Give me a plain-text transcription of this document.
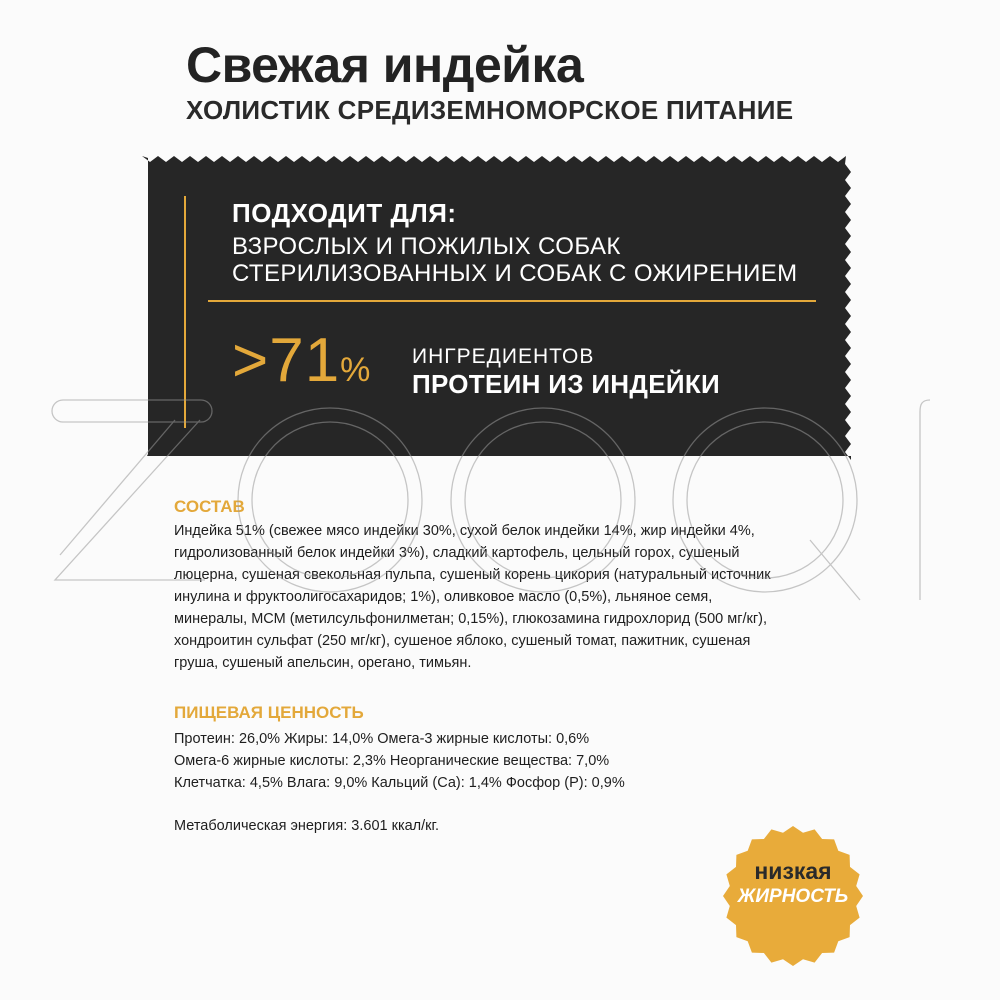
Свежая индейка
ХОЛИСТИК СРЕДИЗЕМНОМОРСКОЕ ПИТАНИЕ
ПОДХОДИТ ДЛЯ:
ВЗРОСЛЫХ И ПОЖИЛЫХ СОБАК
СТЕРИЛИЗОВАННЫХ И СОБАК С ОЖИРЕНИЕМ
>71% ИНГРЕДИЕНТОВ
ПРОТЕИН ИЗ ИНДЕЙКИ
СОСТАВ
Индейка 51% (свежее мясо индейки 30%, сухой белок индейки 14%, жир индейки 4%,
гидролизованный белок индейки 3%), сладкий картофель, цельный горох, сушеный
люцерна, сушеная свекольная пульпа, сушеный корень цикория (натуральный источник
инулина и фруктоолигосахаридов; 1%), оливковое масло (0,5%), льняное семя,
минералы, МСМ (метилсульфонилметан; 0,15%), глюкозамина гидрохлорид (500 мг/кг),
хондроитин сульфат (250 мг/кг), сушеное яблоко, сушеный томат, пажитник, сушеная
груша, сушеный апельсин, орегано, тимьян.
ПИЩЕВАЯ ЦЕННОСТЬ
Протеин: 26,0% Жиры: 14,0% Омега-3 жирные кислоты: 0,6%
Омега-6 жирные кислоты: 2,3% Неорганические вещества: 7,0%
Клетчатка: 4,5% Влага: 9,0% Кальций (Са): 1,4% Фосфор (Р): 0,9%
Метаболическая энергия: 3.601 ккал/кг.
низкая
ЖИРНОСТЬ
